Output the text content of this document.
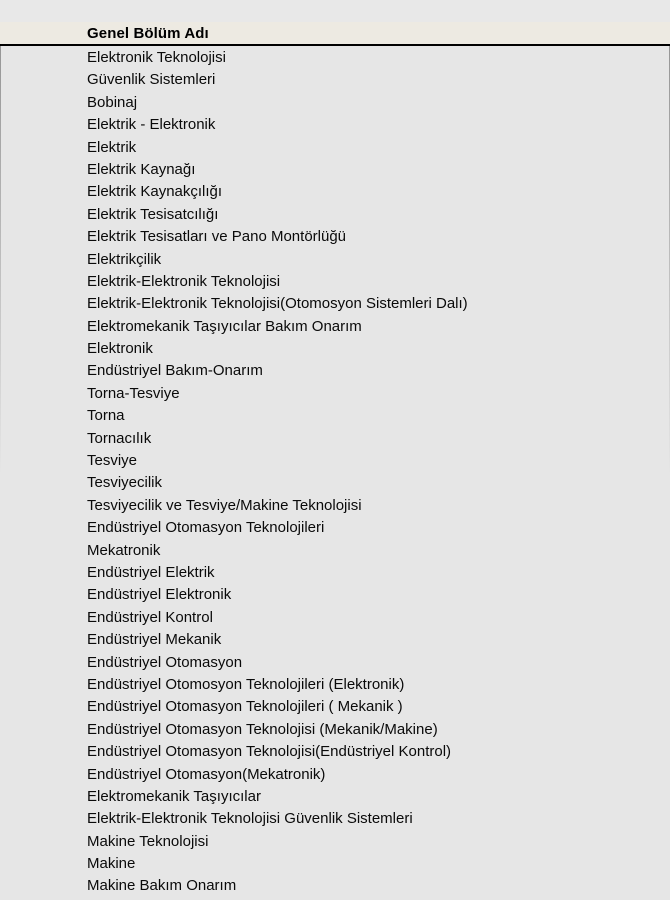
Genel Bölüm Adı
Elektronik Teknolojisi
Güvenlik Sistemleri
Bobinaj
Elektrik - Elektronik
Elektrik
Elektrik Kaynağı
Elektrik Kaynakçılığı
Elektrik Tesisatcılığı
Elektrik Tesisatları ve Pano Montörlüğü
Elektrikçilik
Elektrik-Elektronik Teknolojisi
Elektrik-Elektronik Teknolojisi(Otomosyon Sistemleri Dalı)
Elektromekanik Taşıyıcılar Bakım Onarım
Elektronik
Endüstriyel Bakım-Onarım
Torna-Tesviye
Torna
Tornacılık
Tesviye
Tesviyecilik
Tesviyecilik ve Tesviye/Makine Teknolojisi
Endüstriyel Otomasyon Teknolojileri
Mekatronik
Endüstriyel Elektrik
Endüstriyel Elektronik
Endüstriyel Kontrol
Endüstriyel Mekanik
Endüstriyel Otomasyon
Endüstriyel Otomosyon Teknolojileri (Elektronik)
Endüstriyel Otomasyon Teknolojileri ( Mekanik )
Endüstriyel Otomasyon Teknolojisi (Mekanik/Makine)
Endüstriyel Otomasyon Teknolojisi(Endüstriyel Kontrol)
Endüstriyel Otomasyon(Mekatronik)
Elektromekanik Taşıyıcılar
Elektrik-Elektronik Teknolojisi Güvenlik Sistemleri
Makine Teknolojisi
Makine
Makine Bakım Onarım
